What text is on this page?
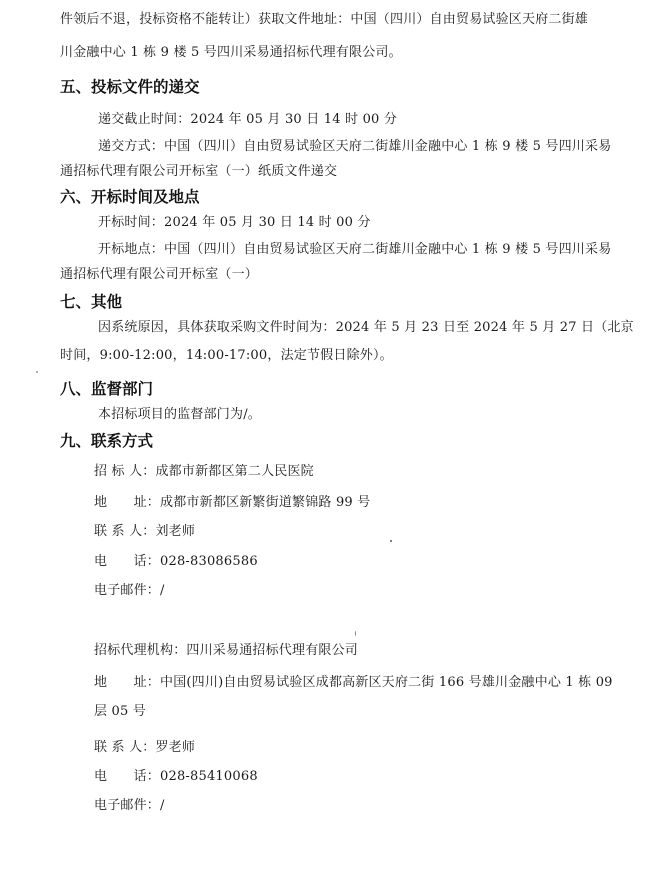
件领后不退，投标资格不能转让）获取文件地址：中国（四川）自由贸易试验区天府二街雄
川金融中心 1 栋 9 楼 5 号四川采易通招标代理有限公司。
五、投标文件的递交
递交截止时间：2024 年 05 月 30 日 14 时 00 分
递交方式：中国（四川）自由贸易试验区天府二街雄川金融中心 1 栋 9 楼 5 号四川采易
通招标代理有限公司开标室（一）纸质文件递交
六、开标时间及地点
开标时间：2024 年 05 月 30 日 14 时 00 分
开标地点：中国（四川）自由贸易试验区天府二街雄川金融中心 1 栋 9 楼 5 号四川采易
通招标代理有限公司开标室（一）
七、其他
因系统原因，具体获取采购文件时间为：2024 年 5 月 23 日至 2024 年 5 月 27 日（北京
时间，9:00-12:00，14:00-17:00，法定节假日除外）。
八、监督部门
本招标项目的监督部门为/。
九、联系方式
招 标 人：成都市新都区第二人民医院
地　　址：成都市新都区新繁街道繁锦路 99 号
联 系 人：刘老师
电　　话：028-83086586
电子邮件：/
招标代理机构：四川采易通招标代理有限公司
地　　址：中国(四川)自由贸易试验区成都高新区天府二街 166 号雄川金融中心 1 栋 09
层 05 号
联 系 人：罗老师
电　　话：028-85410068
电子邮件：/
